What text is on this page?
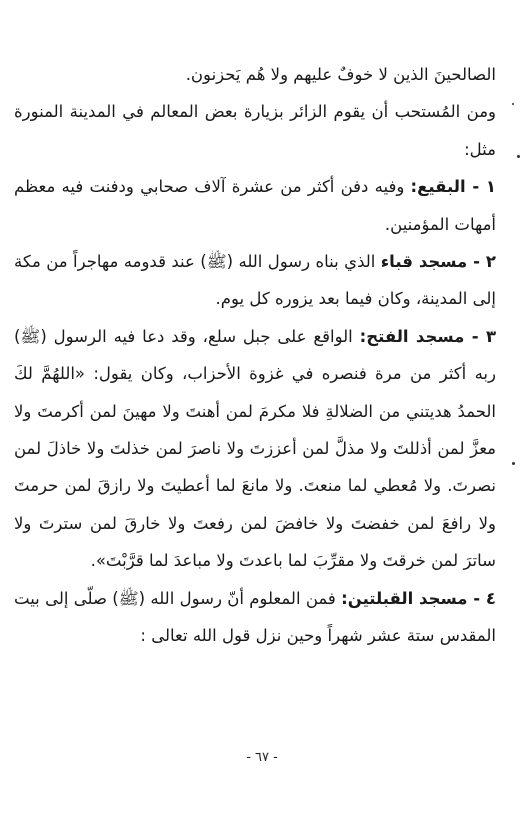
الصالحينَ الذين لا خوفٌ عليهم ولا هُم يَحزنون.

ومن المُستحب أن يقوم الزائر بزيارة بعض المعالم في المدينة المنورة مثل:

١ - البقيع: وفيه دفن أكثر من عشرة آلاف صحابي ودفنت فيه معظم أمهات المؤمنين.

٢ - مسجد قباء الذي بناه رسول الله (ﷺ) عند قدومه مهاجراً من مكة إلى المدينة، وكان فيما بعد يزوره كل يوم.

٣ - مسجد الفتح: الواقع على جبل سلع، وقد دعا فيه الرسول (ﷺ) ربه أكثر من مرة فنصره في غزوة الأحزاب، وكان يقول: «اللهُمَّ لكَ الحمدُ هديتني من الضلالةِ فلا مكرمَ لمن أهنتَ ولا مهينَ لمن أكرمتَ ولا معزَّ لمن أذللتَ ولا مذلَّ لمن أعززتَ ولا ناصرَ لمن خذلتَ ولا خاذلَ لمن نصرتَ. ولا مُعطي لما منعتَ. ولا مانعَ لما أعطيتَ ولا رازقَ لمن حرمتَ ولا رافعَ لمن خفضتَ ولا خافضَ لمن رفعتَ ولا خارقَ لمن سترتَ ولا ساترَ لمن خرقتَ ولا مقرِّبَ لما باعدتَ ولا مباعدَ لما قرَّبْتَ».

٤ - مسجد القبلتين: فمن المعلوم أنّ رسول الله (ﷺ) صلّى إلى بيت المقدس ستة عشر شهراً وحين نزل قول الله تعالى :

- ٦٧ -
